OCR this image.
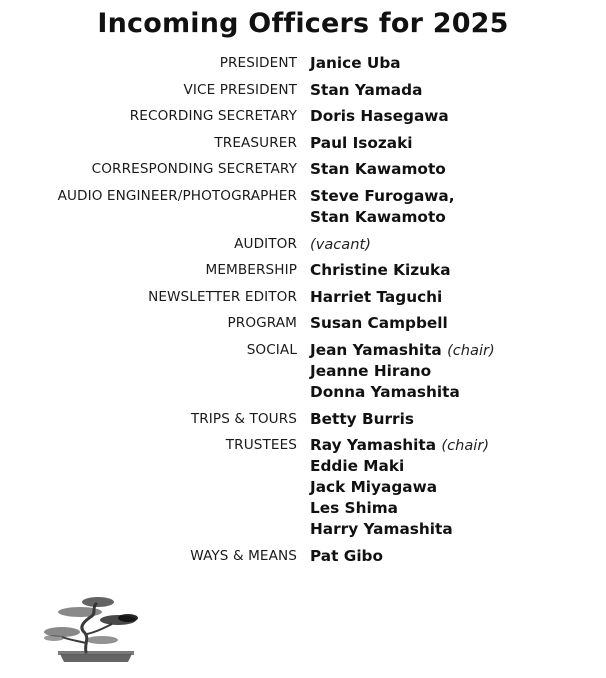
Incoming Officers for 2025
PRESIDENT Janice Uba
VICE PRESIDENT Stan Yamada
RECORDING SECRETARY Doris Hasegawa
TREASURER Paul Isozaki
CORRESPONDING SECRETARY Stan Kawamoto
AUDIO ENGINEER/PHOTOGRAPHER Steve Furogawa,
Stan Kawamoto
AUDITOR (vacant)
MEMBERSHIP Christine Kizuka
NEWSLETTER EDITOR Harriet Taguchi
PROGRAM Susan Campbell
SOCIAL Jean Yamashita (chair)
Jeanne Hirano
Donna Yamashita
TRIPS & TOURS Betty Burris
TRUSTEES Ray Yamashita (chair)
Eddie Maki
Jack Miyagawa
Les Shima
Harry Yamashita
WAYS & MEANS Pat Gibo
